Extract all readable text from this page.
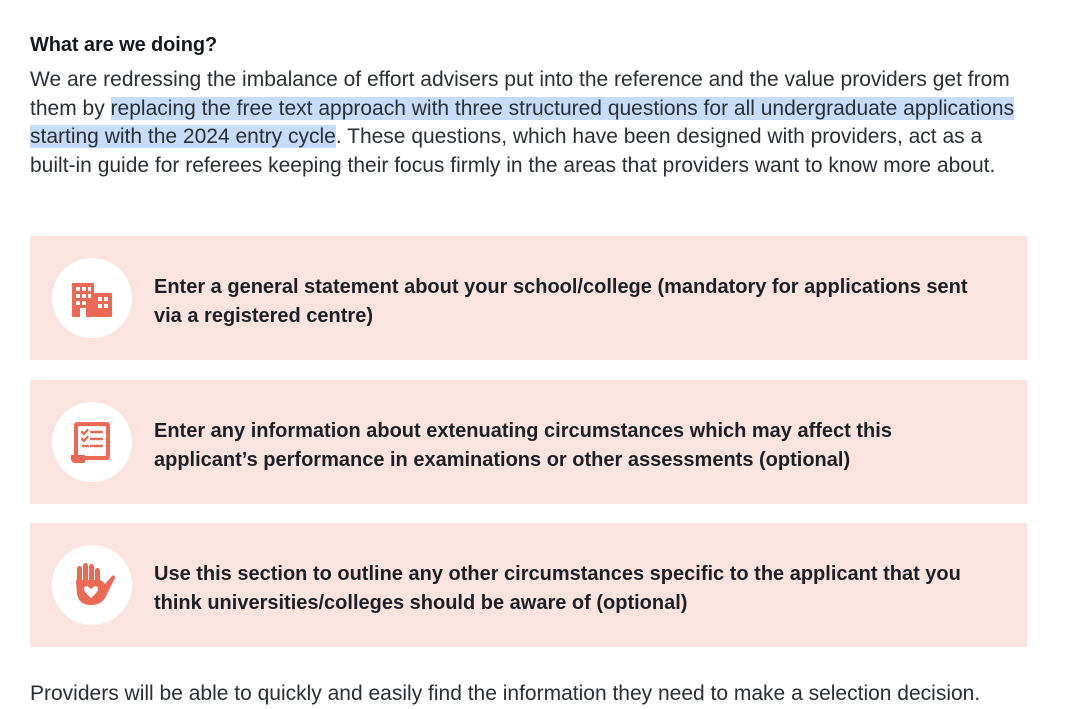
What are we doing?

We are redressing the imbalance of effort advisers put into the reference and the value providers get from them by replacing the free text approach with three structured questions for all undergraduate applications starting with the 2024 entry cycle. These questions, which have been designed with providers, act as a built-in guide for referees keeping their focus firmly in the areas that providers want to know more about.

Enter a general statement about your school/college (mandatory for applications sent via a registered centre)
Enter any information about extenuating circumstances which may affect this applicant’s performance in examinations or other assessments (optional)
Use this section to outline any other circumstances specific to the applicant that you think universities/colleges should be aware of (optional)
Providers will be able to quickly and easily find the information they need to make a selection decision.
